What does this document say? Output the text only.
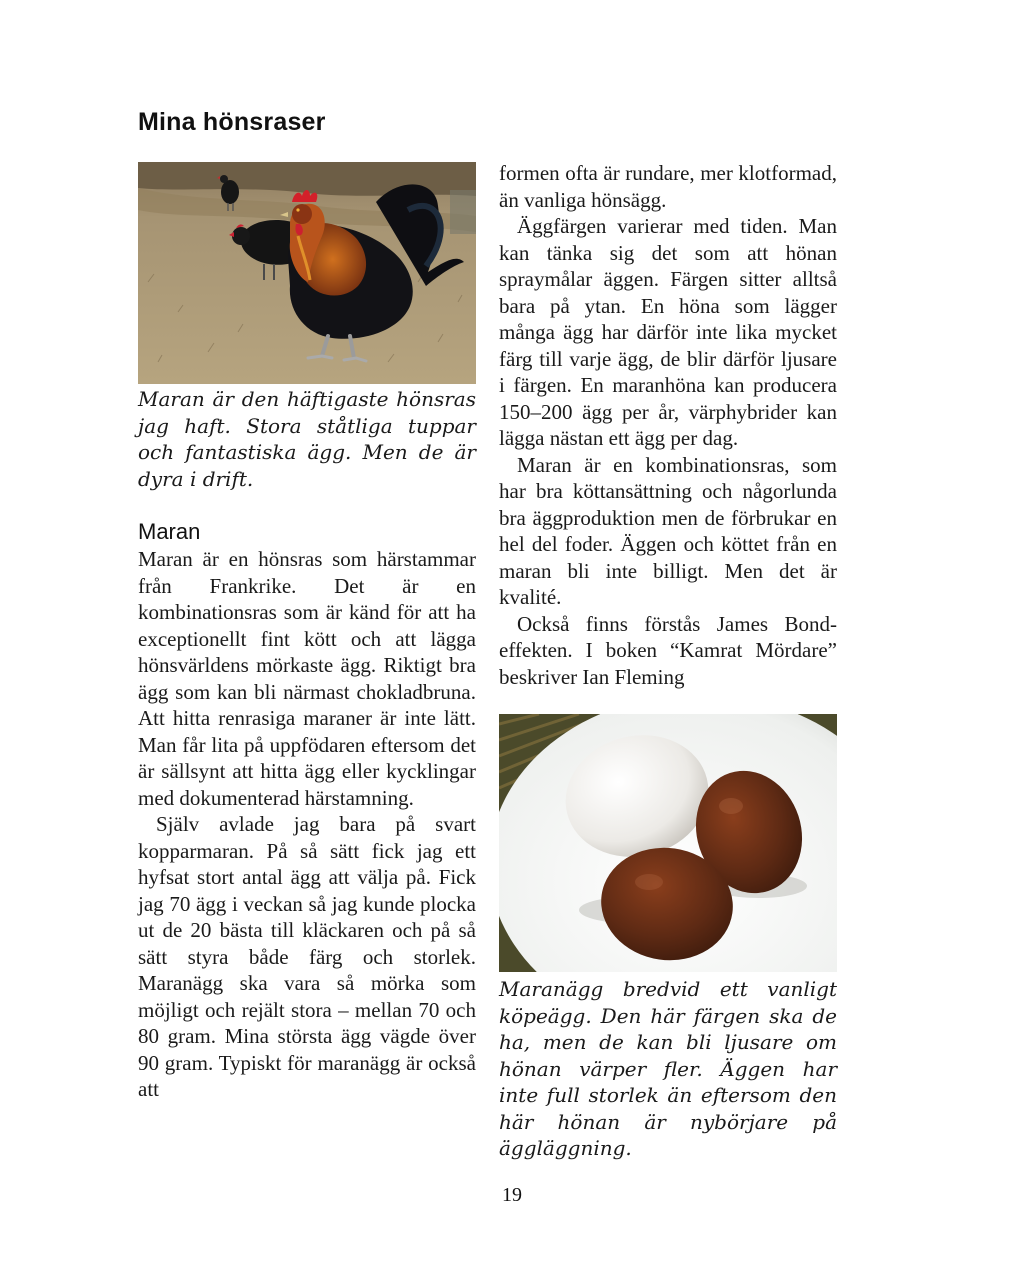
Mina hönsraser

Maran är den häftigaste hönsras jag haft. Stora ståtliga tuppar och fantastiska ägg. Men de är dyra i drift.

Maran

Maran är en hönsras som härstammar från Frankrike. Det är en kombinationsras som är känd för att ha exceptionellt fint kött och att lägga hönsvärldens mörkaste ägg. Riktigt bra ägg som kan bli närmast chokladbruna. Att hitta renrasiga maraner är inte lätt. Man får lita på uppfödaren eftersom det är sällsynt att hitta ägg eller kycklingar med dokumenterad härstamning.

Själv avlade jag bara på svart kopparmaran. På så sätt fick jag ett hyfsat stort antal ägg att välja på. Fick jag 70 ägg i veckan så jag kunde plocka ut de 20 bästa till kläckaren och på så sätt styra både färg och storlek. Maranägg ska vara så mörka som möjligt och rejält stora – mellan 70 och 80 gram. Mina största ägg vägde över 90 gram. Typiskt för maranägg är också att

formen ofta är rundare, mer klotformad, än vanliga hönsägg.

Äggfärgen varierar med tiden. Man kan tänka sig det som att hönan spraymålar äggen. Färgen sitter alltså bara på ytan. En höna som lägger många ägg har därför inte lika mycket färg till varje ägg, de blir därför ljusare i färgen. En maranhöna kan producera 150–200 ägg per år, värphybrider kan lägga nästan ett ägg per dag.

Maran är en kombinationsras, som har bra köttansättning och någorlunda bra äggproduktion men de förbrukar en hel del foder. Äggen och köttet från en maran bli inte billigt. Men det är kvalité.

Också finns förstås James Bond-effekten. I boken “Kamrat Mördare” beskriver Ian Fleming

Maranägg bredvid ett vanligt köpeägg. Den här färgen ska de ha, men de kan bli ljusare om hönan värper fler. Äggen har inte full storlek än eftersom den här hönan är nybörjare på äggläggning.

19
